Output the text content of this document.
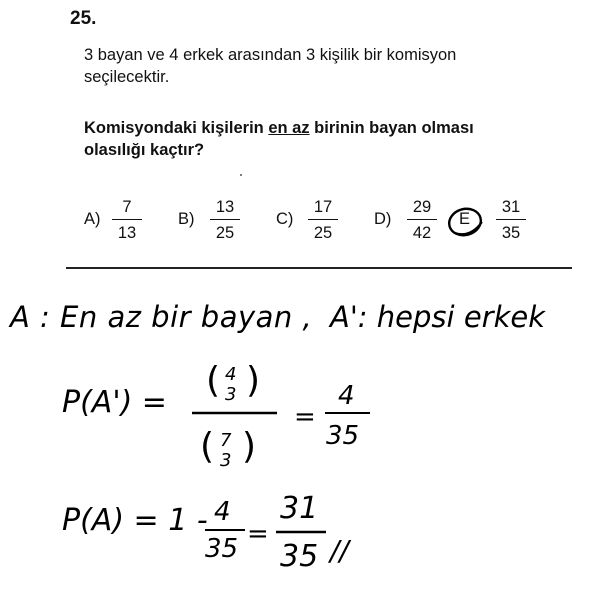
25.
3 bayan ve 4 erkek arasından 3 kişilik bir komisyon
seçilecektir.
Komisyondaki kişilerin en az birinin bayan olması
olasılığı kaçtır?
A)
7
13
B)
13
25
C)
17
25
D)
29
42
E
31
35
A : En az bir bayan , A': hepsi erkek
P(A') =
( 4
3 )
( 7
3 )
=
4
35
P(A) = 1 - 4
35 =
31
35 //
